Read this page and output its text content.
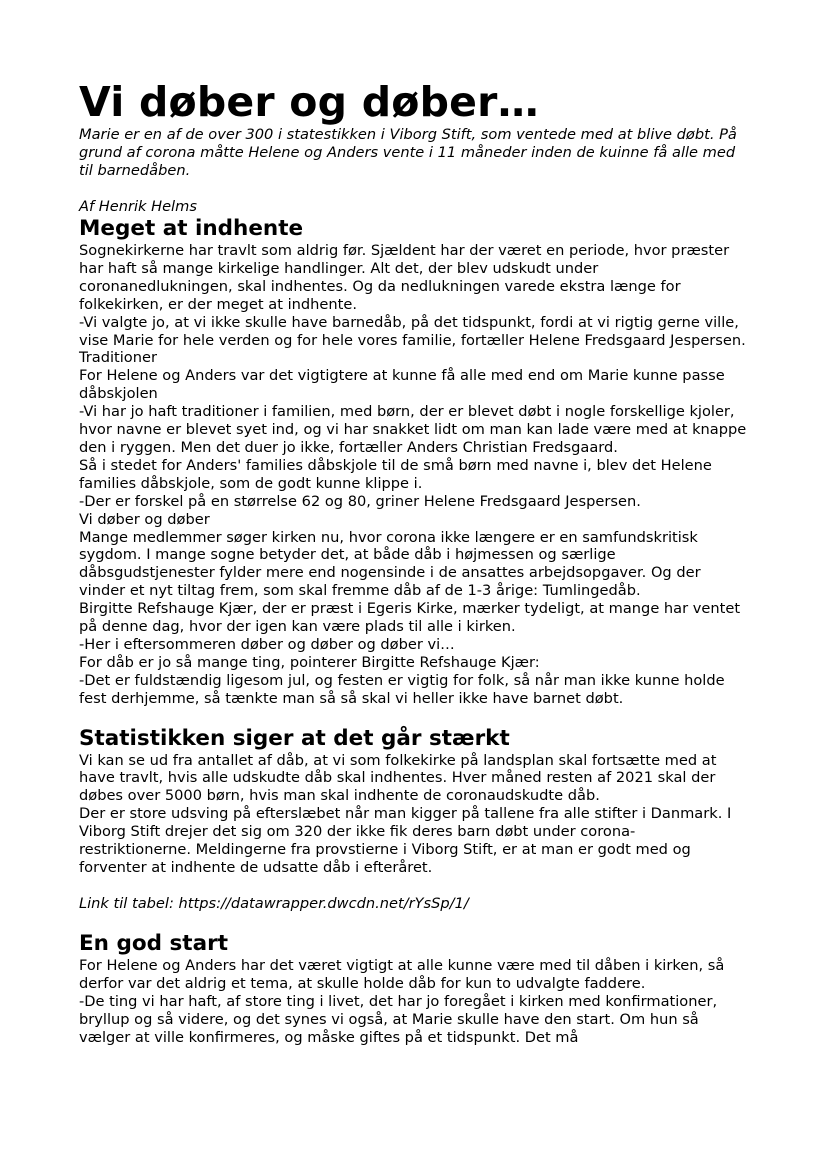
Vi døber og døber…

Marie er en af de over 300 i statestikken i Viborg Stift, som ventede med at blive døbt. På grund af corona måtte Helene og Anders vente i 11 måneder inden de kuinne få alle med til barnedåben.

Af Henrik Helms

Meget at indhente

Sognekirkerne har travlt som aldrig før. Sjældent har der været en periode, hvor præster har haft så mange kirkelige handlinger. Alt det, der blev udskudt under coronanedlukningen, skal indhentes. Og da nedlukningen varede ekstra længe for folkekirken, er der meget at indhente.

-Vi valgte jo, at vi ikke skulle have barnedåb, på det tidspunkt, fordi at vi rigtig gerne ville, vise Marie for hele verden og for hele vores familie, fortæller Helene Fredsgaard Jespersen.

Traditioner

For Helene og Anders var det vigtigtere at kunne få alle med end om Marie kunne passe dåbskjolen

-Vi har jo haft traditioner i familien, med børn, der er blevet døbt i nogle forskellige kjoler, hvor navne er blevet syet ind, og vi har snakket lidt om man kan lade være med at knappe den i ryggen. Men det duer jo ikke, fortæller Anders Christian Fredsgaard.

Så i stedet for Anders' families dåbskjole til de små børn med navne i, blev det Helene families dåbskjole, som de godt kunne klippe i.

-Der er forskel på en størrelse 62 og 80, griner Helene Fredsgaard Jespersen.

Vi døber og døber

Mange medlemmer søger kirken nu, hvor corona ikke længere er en samfundskritisk sygdom. I mange sogne betyder det, at både dåb i højmessen og særlige dåbsgudstjenester fylder mere end nogensinde i de ansattes arbejdsopgaver. Og der vinder et nyt tiltag frem, som skal fremme dåb af de 1-3 årige: Tumlingedåb.

Birgitte Refshauge Kjær, der er præst i Egeris Kirke, mærker tydeligt, at mange har ventet på denne dag, hvor der igen kan være plads til alle i kirken.

-Her i eftersommeren døber og døber og døber vi…

For dåb er jo så mange ting, pointerer Birgitte Refshauge Kjær:

-Det er fuldstændig ligesom jul, og festen er vigtig for folk, så når man ikke kunne holde fest derhjemme, så tænkte man så så skal vi heller ikke have barnet døbt.

Statistikken siger at det går stærkt

Vi kan se ud fra antallet af dåb, at vi som folkekirke på landsplan skal fortsætte med at have travlt, hvis alle udskudte dåb skal indhentes. Hver måned resten af 2021 skal der døbes over 5000 børn, hvis man skal indhente de coronaudskudte dåb.

Der er store udsving på efterslæbet når man kigger på tallene fra alle stifter i Danmark. I Viborg Stift drejer det sig om 320 der ikke fik deres barn døbt under corona-restriktionerne. Meldingerne fra provstierne i Viborg Stift, er at man er godt med og forventer at indhente de udsatte dåb i efteråret.

Link til tabel: https://datawrapper.dwcdn.net/rYsSp/1/

En god start

For Helene og Anders har det været vigtigt at alle kunne være med til dåben i kirken, så derfor var det aldrig et tema, at skulle holde dåb for kun to udvalgte faddere.

-De ting vi har haft, af store ting i livet, det har jo foregået i kirken med konfirmationer, bryllup og så videre, og det synes vi også, at Marie skulle have den start. Om hun så vælger at ville konfirmeres, og måske giftes på et tidspunkt. Det må
